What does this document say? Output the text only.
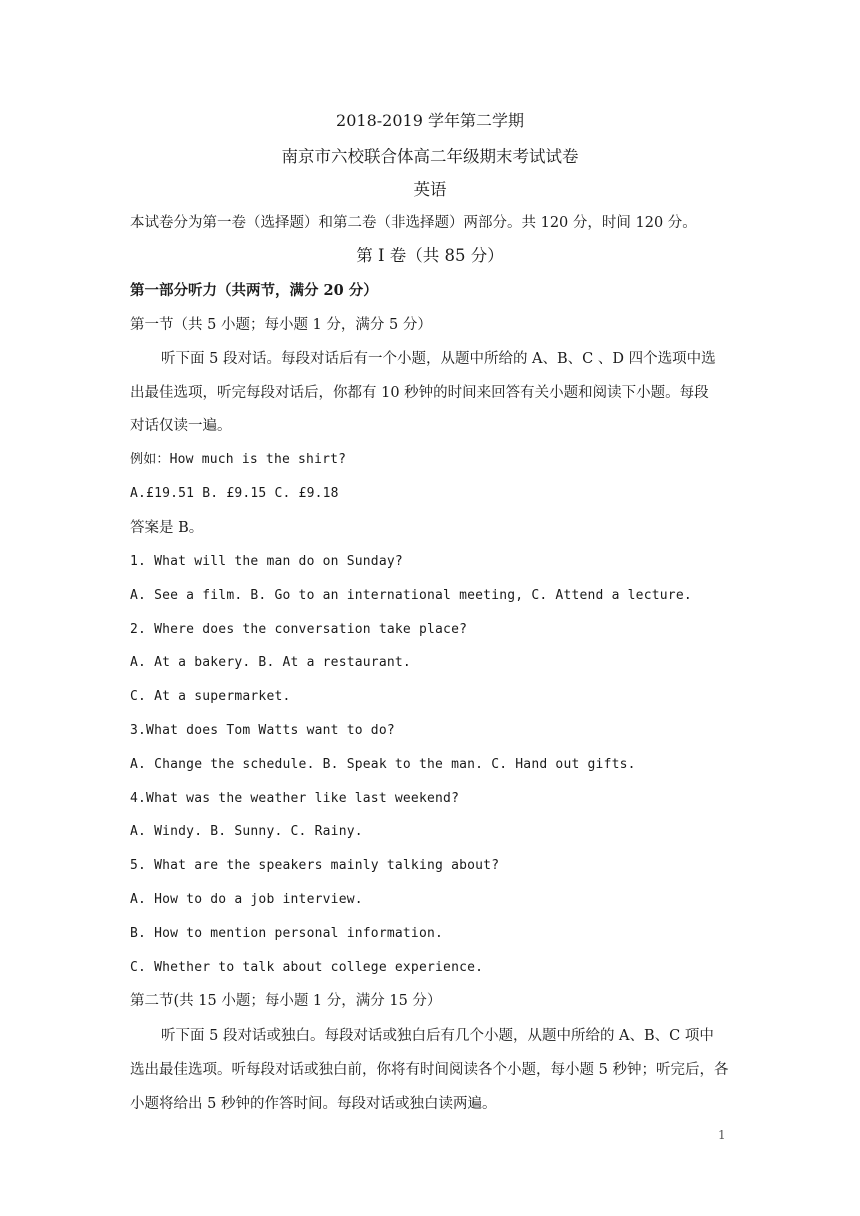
2018-2019 学年第二学期
南京市六校联合体高二年级期末考试试卷
英语
本试卷分为第一卷（选择题）和第二卷（非选择题）两部分。共 120 分，时间 120 分。
第 I 卷（共 85 分）
第一部分听力（共两节，满分 20 分）
第一节（共 5 小题；每小题 1 分，满分 5 分）
听下面 5 段对话。每段对话后有一个小题，从题中所给的 A、B、C 、D 四个选项中选
出最佳选项，听完每段对话后，你都有 10 秒钟的时间来回答有关小题和阅读下小题。每段
对话仅读一遍。
例如：How much is the shirt?
A.£19.51 B. £9.15 C. £9.18
答案是 B。
1. What will the man do on Sunday?
A. See a film. B. Go to an international meeting, C. Attend a lecture.
2. Where does the conversation take place?
A. At a bakery. B. At a restaurant.
C. At a supermarket.
3.What does Tom Watts want to do?
A. Change the schedule. B. Speak to the man. C. Hand out gifts.
4.What was the weather like last weekend?
A. Windy. B. Sunny. C. Rainy.
5. What are the speakers mainly talking about?
A. How to do a job interview.
B. How to mention personal information.
C. Whether to talk about college experience.
第二节(共 15 小题；每小题 1 分，满分 15 分）
听下面 5 段对话或独白。每段对话或独白后有几个小题，从题中所给的 A、B、C 项中
选出最佳选项。听每段对话或独白前，你将有时间阅读各个小题，每小题 5 秒钟；听完后，各
小题将给出 5 秒钟的作答时间。每段对话或独白读两遍。
1
